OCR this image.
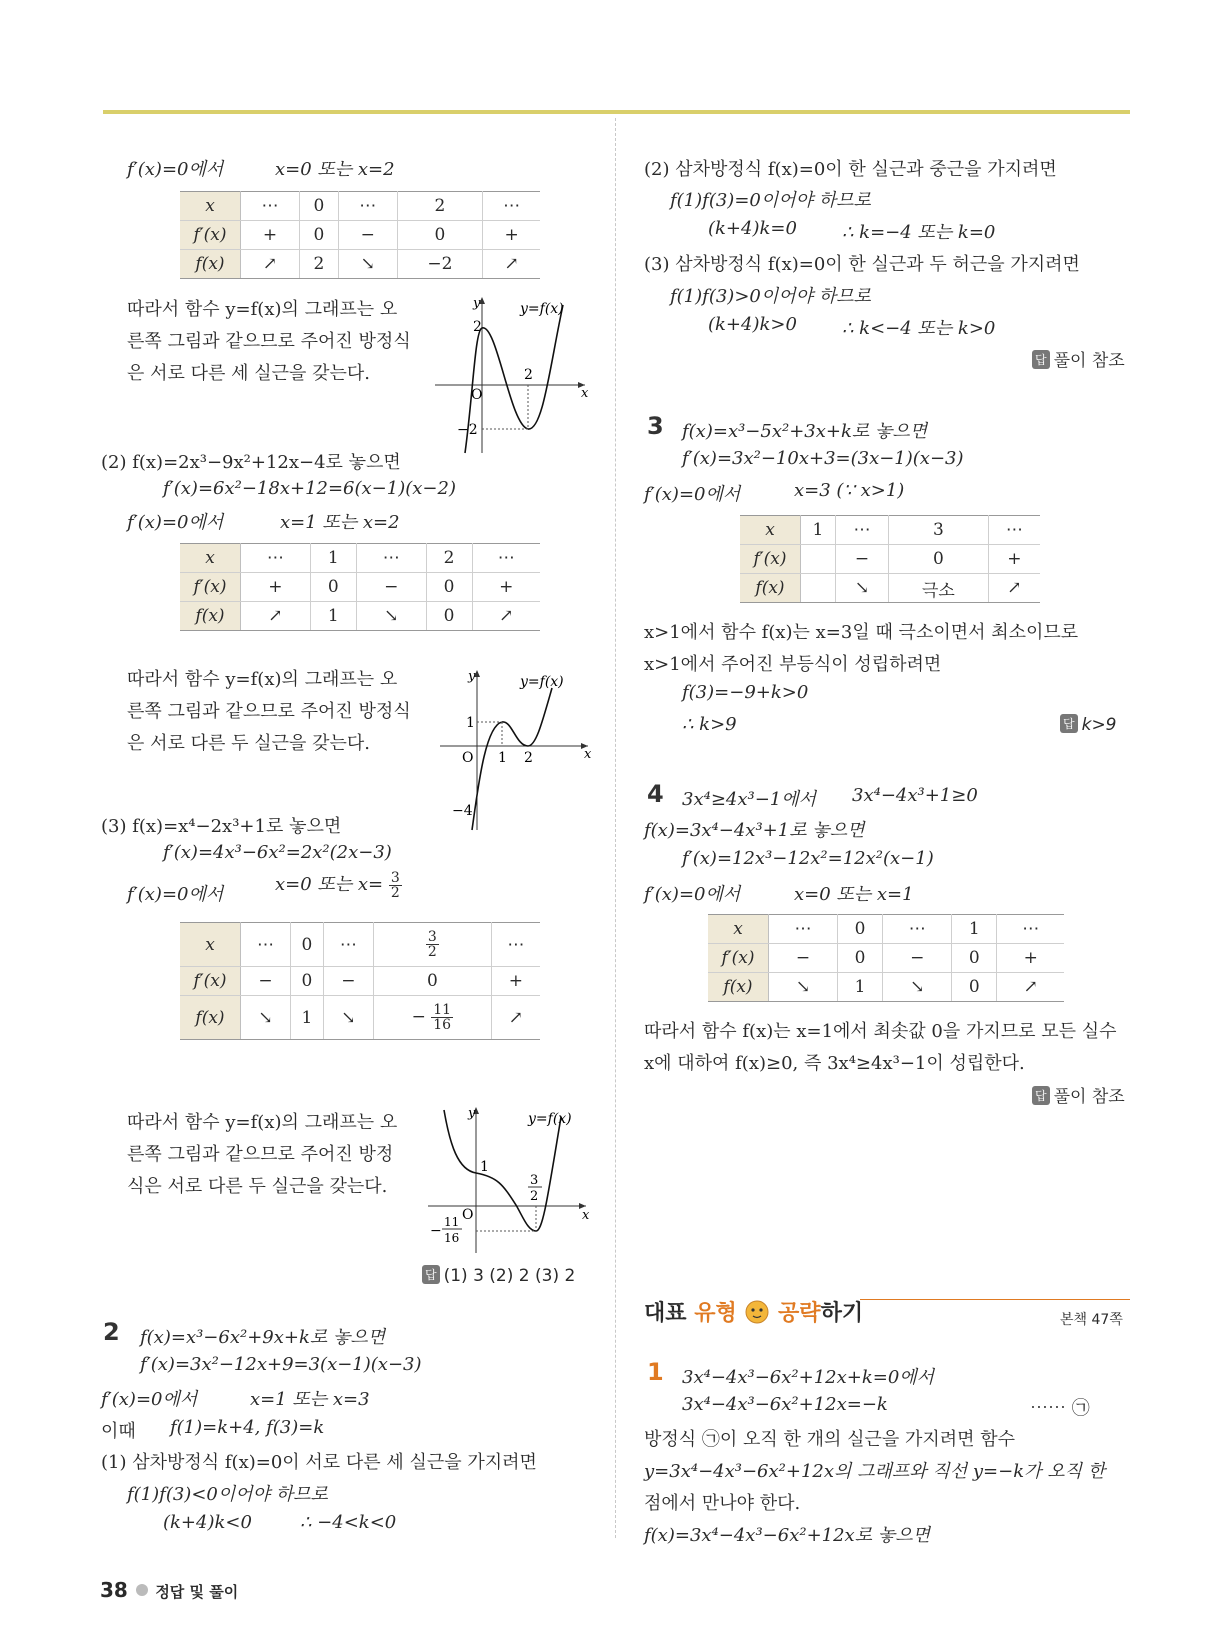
f′(x)=0에서	x=0 또는 x=2
x	⋯	0	⋯	2	⋯
f′(x)	+	0	−	0	+
f(x)	↗	2	↘	−2	↗
따라서 함수 y=f(x)의 그래프는 오
른쪽 그림과 같으므로 주어진 방정식
은 서로 다른 세 실근을 갖는다.
2
y	y=f(x)
x
O
2
−2
(2) f(x)=2x³−9x²+12x−4로 놓으면
f′(x)=6x²−18x+12=6(x−1)(x−2)
f′(x)=0에서	x=1 또는 x=2
x	⋯	1	⋯	2	⋯
f′(x)	+	0	−	0	+
f(x)	↗	1	↘	0	↗
따라서 함수 y=f(x)의 그래프는 오
른쪽 그림과 같으므로 주어진 방정식
은 서로 다른 두 실근을 갖는다.
y	y=f(x)
1
O 1 2	x
−4
(3) f(x)=x⁴−2x³+1로 놓으면
f′(x)=4x³−6x²=2x²(2x−3)
f′(x)=0에서	x=0 또는 $x= \frac{3}{2}$
x	⋯	0	⋯	$\frac{3}{2}$	⋯
f′(x)	−	0	−	0	+
f(x)	↘	1	↘	− $\frac{11}{16}$	↗
따라서 함수 y=f(x)의 그래프는 오
른쪽 그림과 같으므로 주어진 방정
식은 서로 다른 두 실근을 갖는다.
y	y=f(x)
1
O
3
2
x
−
11
16
답 (1) 3 (2) 2 (3) 2
2 f(x)=x³−6x²+9x+k로 놓으면
f′(x)=3x²−12x+9=3(x−1)(x−3)
f′(x)=0에서	x=1 또는 x=3
이때 f(1)=k+4, f(3)=k
(1) 삼차방정식 f(x)=0이 서로 다른 세 실근을 가지려면
f(1)f(3)<0이어야 하므로
(k+4)k<0	∴ −4<k<0
(2) 삼차방정식 f(x)=0이 한 실근과 중근을 가지려면
f(1)f(3)=0이어야 하므로
(k+4)k=0	∴ k=−4 또는 k=0
(3) 삼차방정식 f(x)=0이 한 실근과 두 허근을 가지려면
f(1)f(3)>0이어야 하므로
(k+4)k>0	∴ k<−4 또는 k>0
답 풀이 참조
3 f(x)=x³−5x²+3x+k로 놓으면
f′(x)=3x²−10x+3=(3x−1)(x−3)
f′(x)=0에서	x=3 (∵ x>1)
x	1	⋯	3	⋯
f′(x)		−	0	+
f(x)		↘	극소	↗
x>1에서 함수 f(x)는 x=3일 때 극소이면서 최소이므로
x>1에서 주어진 부등식이 성립하려면
f(3)=−9+k>0
∴ k>9	답 k>9
4 3x⁴≥4x³−1에서 3x⁴−4x³+1≥0
f(x)=3x⁴−4x³+1로 놓으면
f′(x)=12x³−12x²=12x²(x−1)
f′(x)=0에서	x=0 또는 x=1
x	⋯	0	⋯	1	⋯
f′(x)	−	0	−	0	+
f(x)	↘	1	↘	0	↗
따라서 함수 f(x)는 x=1에서 최솟값 0을 가지므로 모든 실수
x에 대하여 f(x)≥0, 즉 3x⁴≥4x³−1이 성립한다.
답 풀이 참조
대표 유형 공략하기	본책 47쪽
1 3x⁴−4x³−6x²+12x+k=0에서
3x⁴−4x³−6x²+12x=−k	⋯⋯ ㉠
방정식 ㉠이 오직 한 개의 실근을 가지려면 함수
y=3x⁴−4x³−6x²+12x의 그래프와 직선 y=−k가 오직 한
점에서 만나야 한다.
f(x)=3x⁴−4x³−6x²+12x로 놓으면
38 정답 및 풀이
